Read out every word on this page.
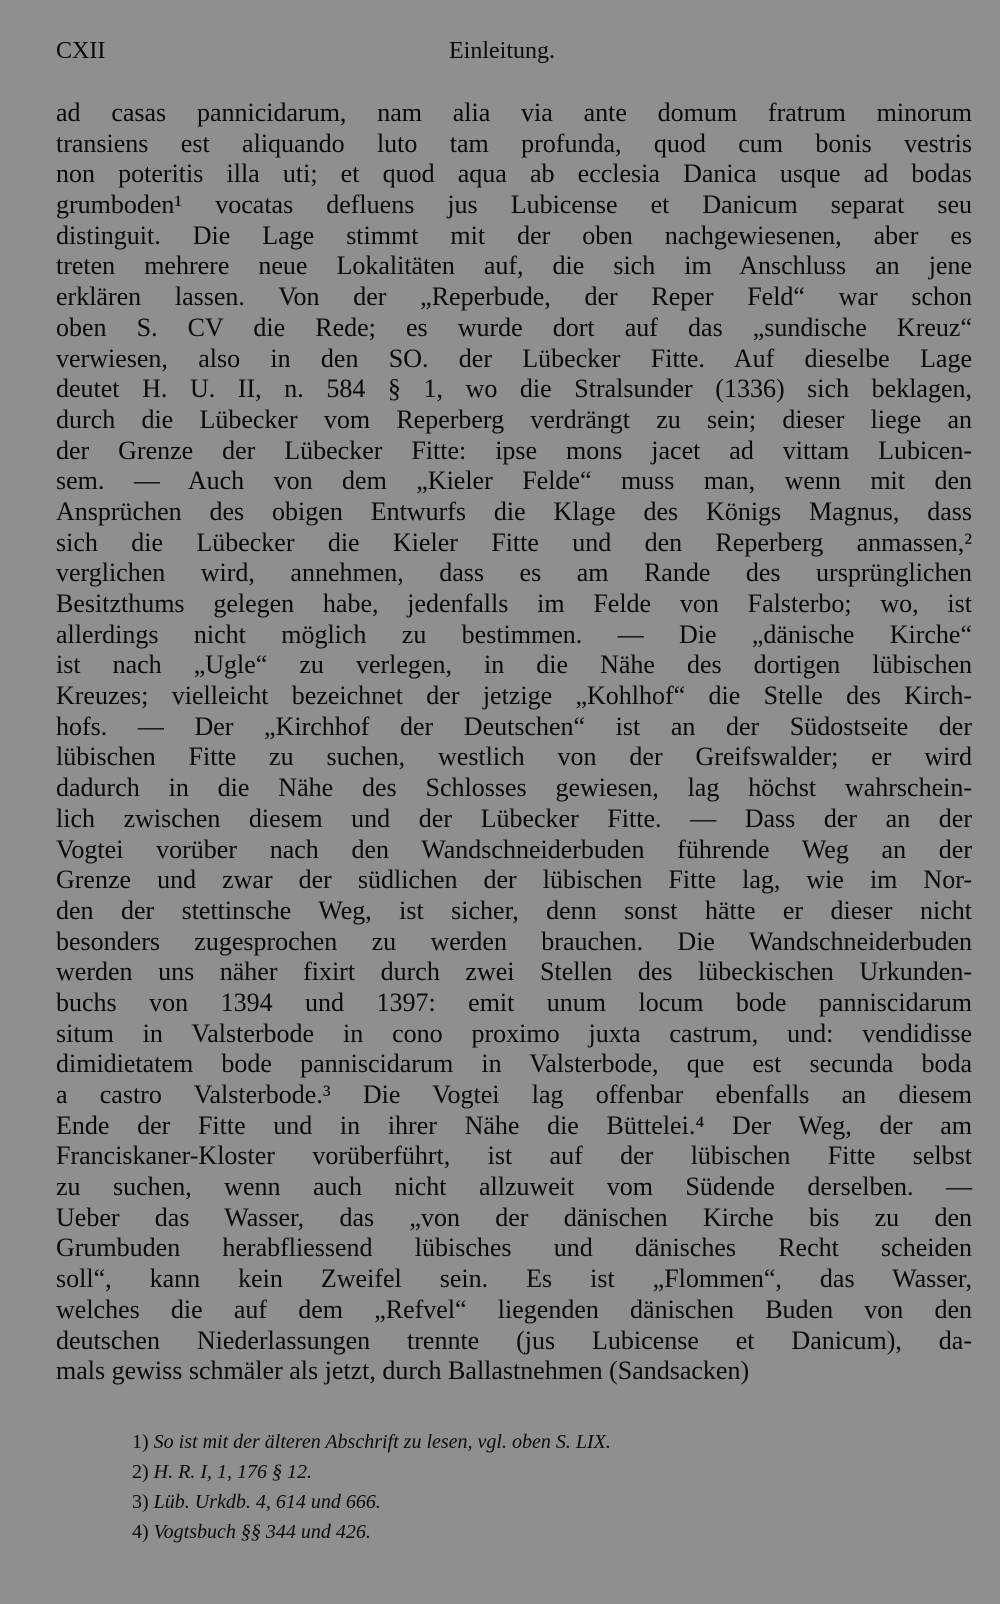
CXII	Einleitung.
ad casas pannicidarum, nam alia via ante domum fratrum minorum
transiens est aliquando luto tam profunda, quod cum bonis vestris
non poteritis illa uti; et quod aqua ab ecclesia Danica usque ad bodas
grumboden¹ vocatas defluens jus Lubicense et Danicum separat seu
distinguit. Die Lage stimmt mit der oben nachgewiesenen, aber es
treten mehrere neue Lokalitäten auf, die sich im Anschluss an jene
erklären lassen. Von der „Reperbude, der Reper Feld“ war schon
oben S. CV die Rede; es wurde dort auf das „sundische Kreuz“
verwiesen, also in den SO. der Lübecker Fitte. Auf dieselbe Lage
deutet H. U. II, n. 584 § 1, wo die Stralsunder (1336) sich beklagen,
durch die Lübecker vom Reperberg verdrängt zu sein; dieser liege an
der Grenze der Lübecker Fitte: ipse mons jacet ad vittam Lubicen-
sem. — Auch von dem „Kieler Felde“ muss man, wenn mit den
Ansprüchen des obigen Entwurfs die Klage des Königs Magnus, dass
sich die Lübecker die Kieler Fitte und den Reperberg anmassen,²
verglichen wird, annehmen, dass es am Rande des ursprünglichen
Besitzthums gelegen habe, jedenfalls im Felde von Falsterbo; wo, ist
allerdings nicht möglich zu bestimmen. — Die „dänische Kirche“
ist nach „Ugle“ zu verlegen, in die Nähe des dortigen lübischen
Kreuzes; vielleicht bezeichnet der jetzige „Kohlhof“ die Stelle des Kirch-
hofs. — Der „Kirchhof der Deutschen“ ist an der Südostseite der
lübischen Fitte zu suchen, westlich von der Greifswalder; er wird
dadurch in die Nähe des Schlosses gewiesen, lag höchst wahrschein-
lich zwischen diesem und der Lübecker Fitte. — Dass der an der
Vogtei vorüber nach den Wandschneiderbuden führende Weg an der
Grenze und zwar der südlichen der lübischen Fitte lag, wie im Nor-
den der stettinsche Weg, ist sicher, denn sonst hätte er dieser nicht
besonders zugesprochen zu werden brauchen. Die Wandschneiderbuden
werden uns näher fixirt durch zwei Stellen des lübeckischen Urkunden-
buchs von 1394 und 1397: emit unum locum bode panniscidarum
situm in Valsterbode in cono proximo juxta castrum, und: vendidisse
dimidietatem bode panniscidarum in Valsterbode, que est secunda boda
a castro Valsterbode.³ Die Vogtei lag offenbar ebenfalls an diesem
Ende der Fitte und in ihrer Nähe die Büttelei.⁴ Der Weg, der am
Franciskaner-Kloster vorüberführt, ist auf der lübischen Fitte selbst
zu suchen, wenn auch nicht allzuweit vom Südende derselben. —
Ueber das Wasser, das „von der dänischen Kirche bis zu den
Grumbuden herabfliessend lübisches und dänisches Recht scheiden
soll“, kann kein Zweifel sein. Es ist „Flommen“, das Wasser,
welches die auf dem „Refvel“ liegenden dänischen Buden von den
deutschen Niederlassungen trennte (jus Lubicense et Danicum), da-
mals gewiss schmäler als jetzt, durch Ballastnehmen (Sandsacken)
1) So ist mit der älteren Abschrift zu lesen, vgl. oben S. LIX.
2) H. R. I, 1, 176 § 12.
3) Lüb. Urkdb. 4, 614 und 666.
4) Vogtsbuch §§ 344 und 426.
